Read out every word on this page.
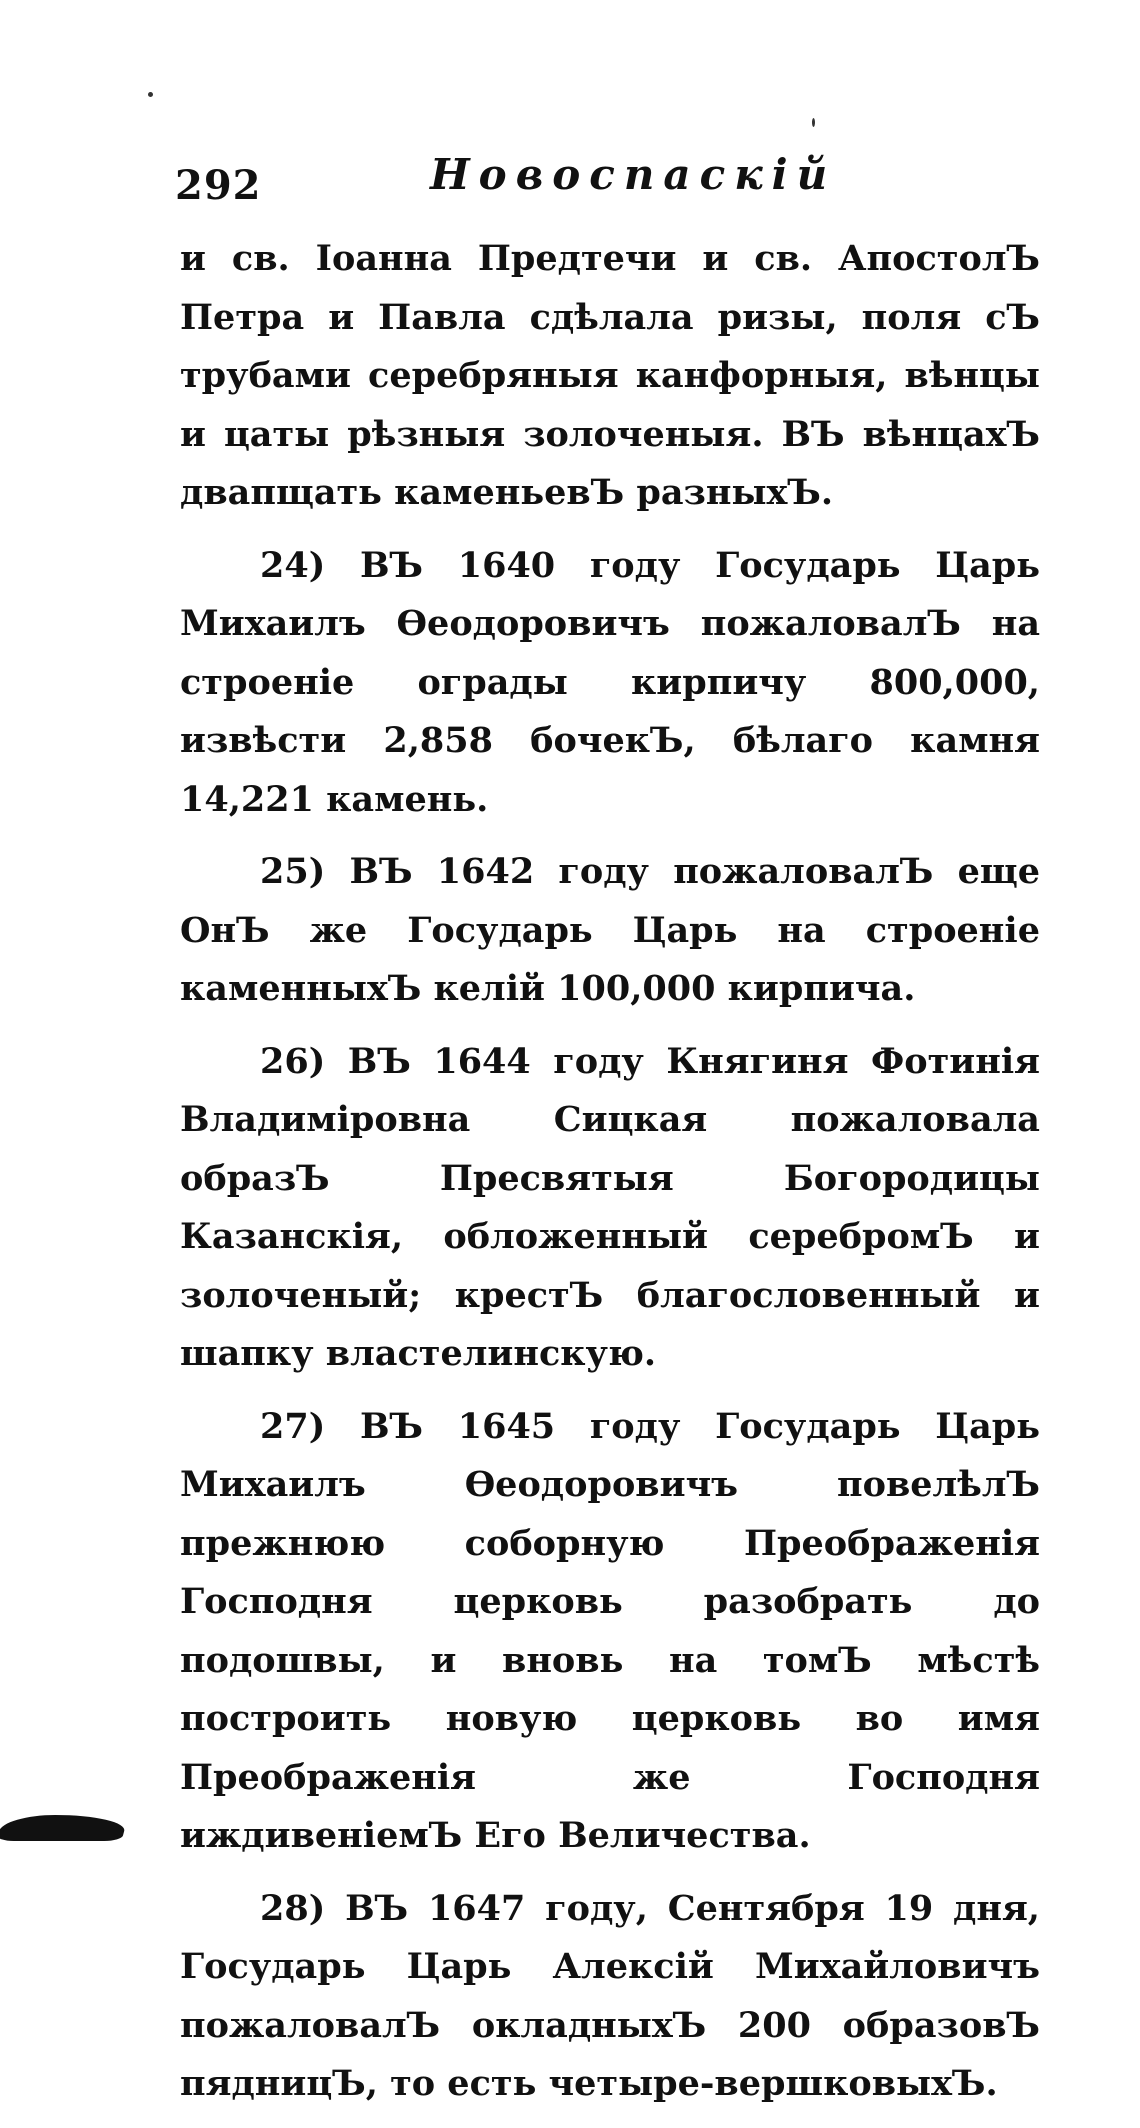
292	Новоспаскій

и св. Іоанна Предтечи и св. АпостолЪ Петра и Павла сдѣлала ризы, поля сЪ трубами серебряныя канфорныя, вѣнцы и цаты рѣзныя золоченыя. ВЪ вѣнцахЪ двапщать каменьевЪ разныхЪ.

24) ВЪ 1640 году Государь Царь Михаилъ Ѳеодоровичъ пожаловалЪ на строеніе ограды кирпичу 800,000, извѣсти 2,858 бочекЪ, бѣлаго камня 14,221 камень.

25) ВЪ 1642 году пожаловалЪ еще ОнЪ же Государь Царь на строеніе каменныхЪ келій 100,000 кирпича.

26) ВЪ 1644 году Княгиня Фотинія Владиміровна Сицкая пожаловала образЪ Пресвятыя Богородицы Казанскія, обложенный серебромЪ и золоченый; крестЪ благословенный и шапку властелинскую.

27) ВЪ 1645 году Государь Царь Михаилъ Ѳеодоровичъ повелѣлЪ прежнюю соборную Преображенія Господня церковь разобрать до подошвы, и вновь на томЪ мѣстѣ построить новую церковь во имя Преображенія же Господня иждивеніемЪ Его Величества.

28) ВЪ 1647 году, Сентября 19 дня, Государь Царь Алексій Михайловичъ пожаловалЪ окладныхЪ 200 образовЪ пядницЪ, то есть четыре-вершковыхЪ.
